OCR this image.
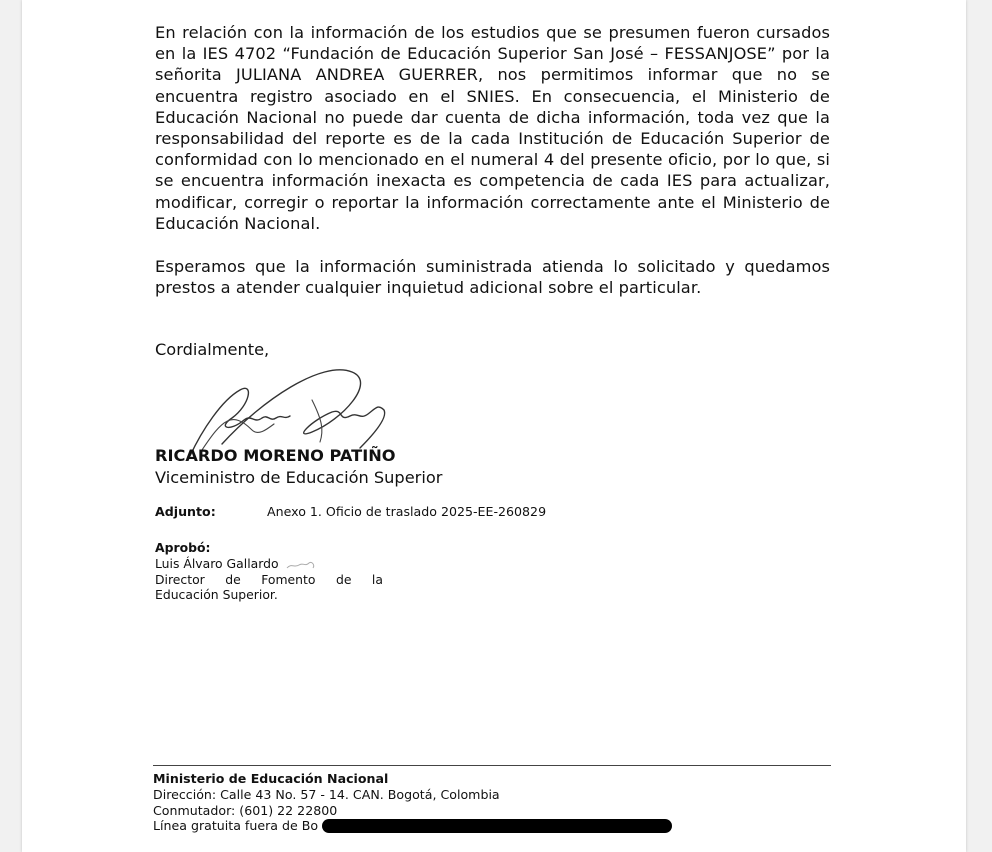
En relación con la información de los estudios que se presumen fueron cursados en la IES 4702 “Fundación de Educación Superior San José – FESSANJOSE” por la señorita JULIANA ANDREA GUERRER, nos permitimos informar que no se encuentra registro asociado en el SNIES. En consecuencia, el Ministerio de Educación Nacional no puede dar cuenta de dicha información, toda vez que la responsabilidad del reporte es de la cada Institución de Educación Superior de conformidad con lo mencionado en el numeral 4 del presente oficio, por lo que, si se encuentra información inexacta es competencia de cada IES para actualizar, modificar, corregir o reportar la información correctamente ante el Ministerio de Educación Nacional.

Esperamos que la información suministrada atienda lo solicitado y quedamos prestos a atender cualquier inquietud adicional sobre el particular.

Cordialmente,

RICARDO MORENO PATIÑO

Viceministro de Educación Superior

Adjunto:	Anexo 1. Oficio de traslado 2025-EE-260829

Aprobó:

Luis Álvaro Gallardo

Director de Fomento de la

Educación Superior.

Ministerio de Educación Nacional

Dirección: Calle 43 No. 57 - 14. CAN. Bogotá, Colombia

Conmutador: (601) 22 22800

Línea gratuita fuera de Bo
